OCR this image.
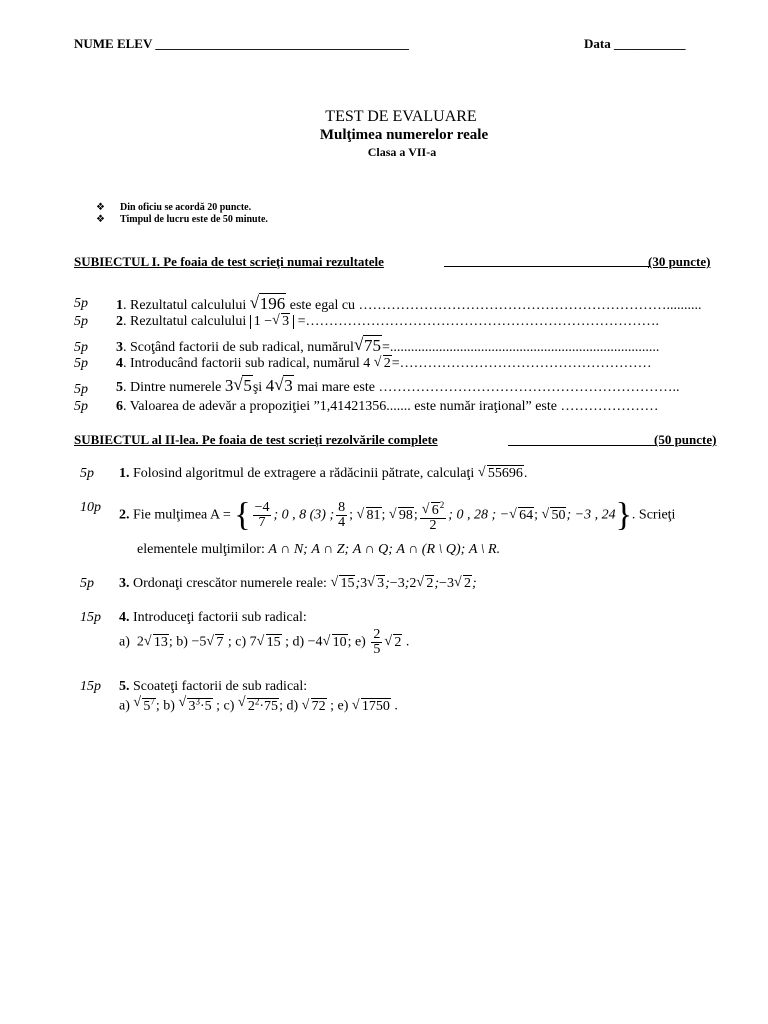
NUME ELEV _______________________________________	Data ___________
TEST DE EVALUARE
Mulţimea numerelor reale
Clasa a VII-a
❖ Din oficiu se acordă 20 puncte.
❖ Timpul de lucru este de 50 minute.
SUBIECTUL I. Pe foaia de test scrieţi numai rezultatele	(30 puncte)
5p 1. Rezultatul calculului √ 196 este egal cu …………………………………………………………..........
5p 2. Rezultatul calculului 1 − √ 3 =………………………………………………………………….
5p 3. Scoţând factorii de sub radical, numărul √ 75=.............................................................................
5p 4. Introducând factorii sub radical, numărul 4 √ 2=………………………………………………
5p 5. Dintre numerele 3 √ 5şi 4 √ 3 mai mare este ………………………………………………………..
5p 6. Valoarea de adevăr a propoziţiei ”1,41421356....... este număr iraţional” este …………………
SUBIECTUL al II-lea. Pe foaia de test scrieţi rezolvările complete	(50 puncte)
5p 1. Folosind algoritmul de extragere a rădăcinii pătrate, calculaţi √ 55696.
10p
2. Fie mulţimea A = { $\frac{-4}{7}$ ; 0 , 8 (3) ; $\frac{8}{4}$ ; √ 81; √ 98; √ $\frac{6^2}{2}$ ; 0 , 28 ; − √ 64; √ 50; −3 , 24}. Scrieţi
elementele mulţimilor: A ∩ N; A ∩ Z; A ∩ Q; A ∩ (R \ Q); A \ R.
5p 3. Ordonaţi crescător numerele reale: √ 15;3 √ 3;−3;2 √ 2;−3 √ 2;
15p 4. Introduceţi factorii sub radical:
a) 2 √ 13; b) −5 √ 7 ; c) 7 √ 15 ; d) −4 √ 10; $e) \frac{2}{5}$ √ 2 .
15p 5. Scoateţi factorii de sub radical:
a) √ $5^7$; b) √ $3^3\cdot 5$ ; c) √ $2^2\cdot 75$; d) √ 72 ; e) √ 1750 .
